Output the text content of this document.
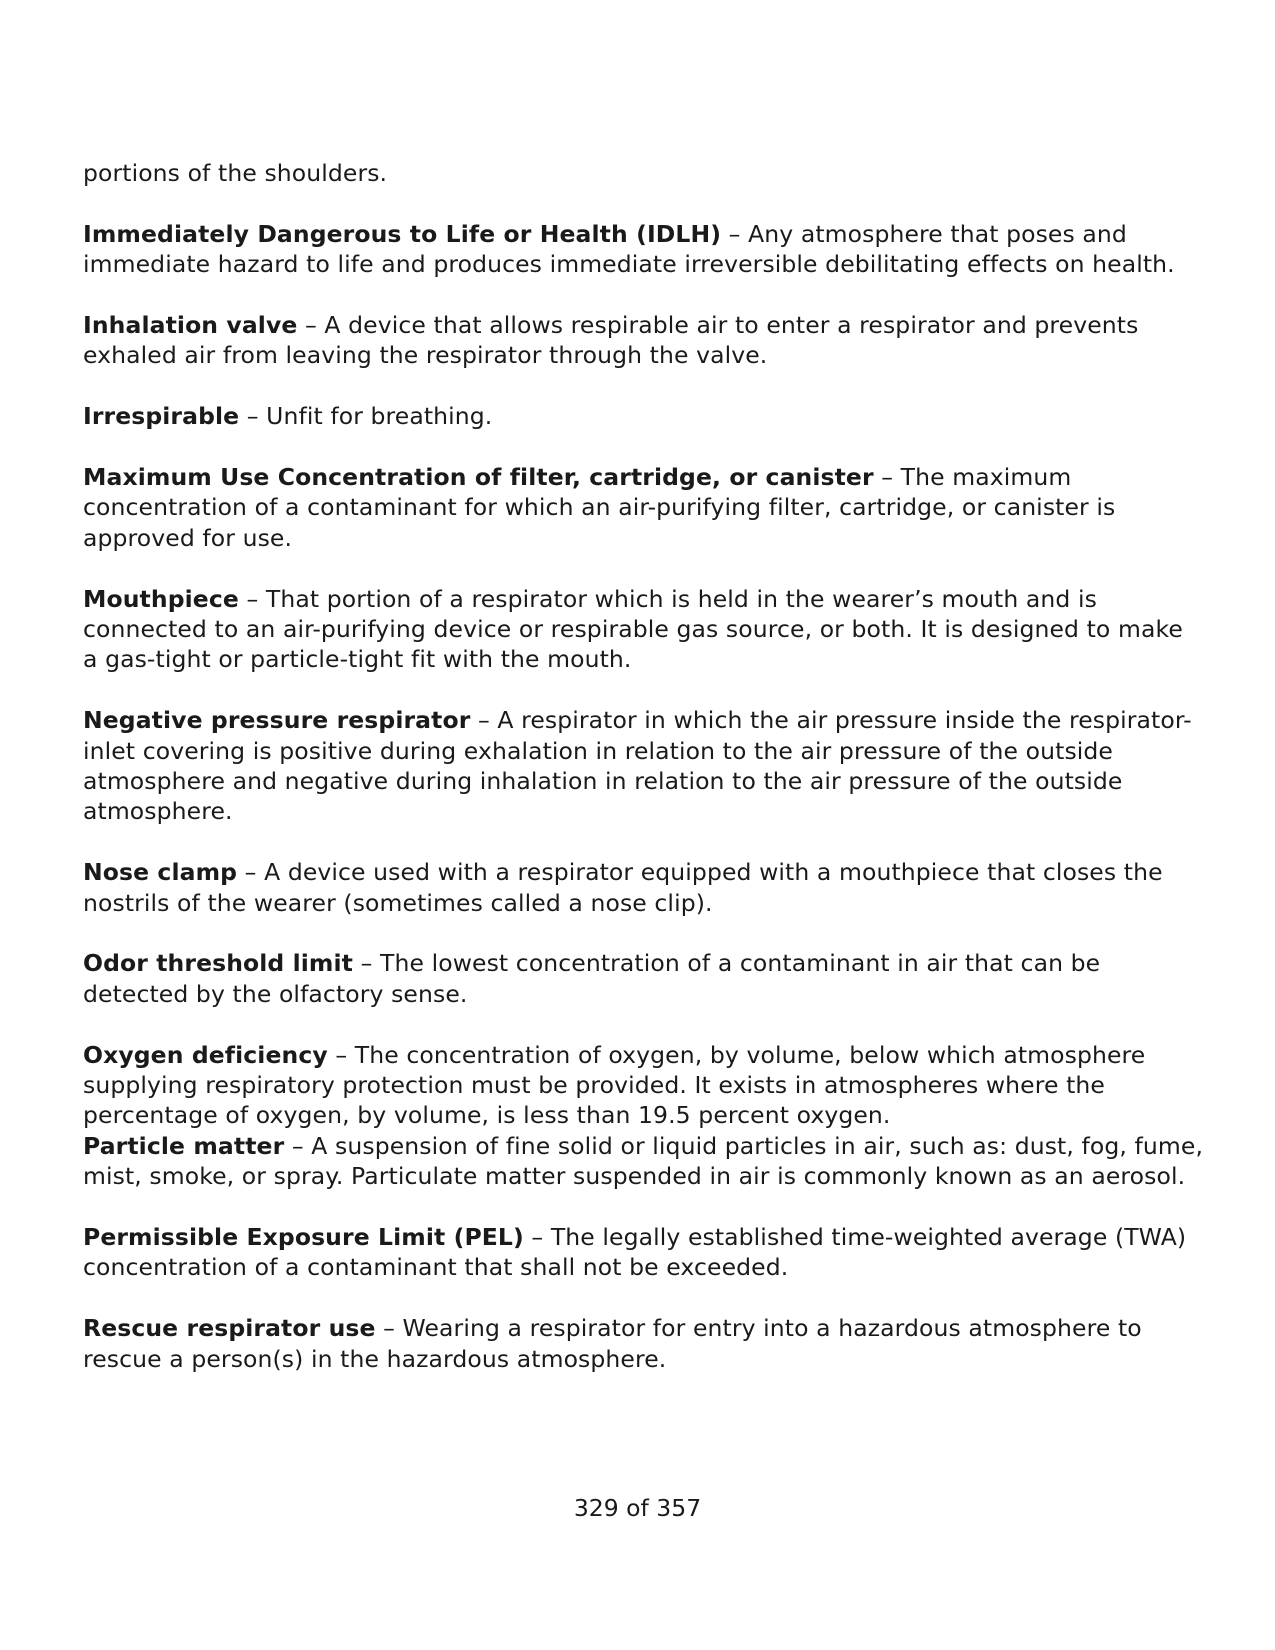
portions of the shoulders.

Immediately Dangerous to Life or Health (IDLH) – Any atmosphere that poses and immediate hazard to life and produces immediate irreversible debilitating effects on health.

Inhalation valve – A device that allows respirable air to enter a respirator and prevents exhaled air from leaving the respirator through the valve.

Irrespirable – Unfit for breathing.

Maximum Use Concentration of filter, cartridge, or canister – The maximum concentration of a contaminant for which an air-purifying filter, cartridge, or canister is approved for use.

Mouthpiece – That portion of a respirator which is held in the wearer’s mouth and is connected to an air-purifying device or respirable gas source, or both. It is designed to make a gas-tight or particle-tight fit with the mouth.

Negative pressure respirator – A respirator in which the air pressure inside the respirator-inlet covering is positive during exhalation in relation to the air pressure of the outside atmosphere and negative during inhalation in relation to the air pressure of the outside atmosphere.

Nose clamp – A device used with a respirator equipped with a mouthpiece that closes the nostrils of the wearer (sometimes called a nose clip).

Odor threshold limit – The lowest concentration of a contaminant in air that can be detected by the olfactory sense.

Oxygen deficiency – The concentration of oxygen, by volume, below which atmosphere supplying respiratory protection must be provided. It exists in atmospheres where the percentage of oxygen, by volume, is less than 19.5 percent oxygen.

Particle matter – A suspension of fine solid or liquid particles in air, such as: dust, fog, fume, mist, smoke, or spray. Particulate matter suspended in air is commonly known as an aerosol.

Permissible Exposure Limit (PEL) – The legally established time-weighted average (TWA) concentration of a contaminant that shall not be exceeded.

Rescue respirator use – Wearing a respirator for entry into a hazardous atmosphere to rescue a person(s) in the hazardous atmosphere.

329 of 357
